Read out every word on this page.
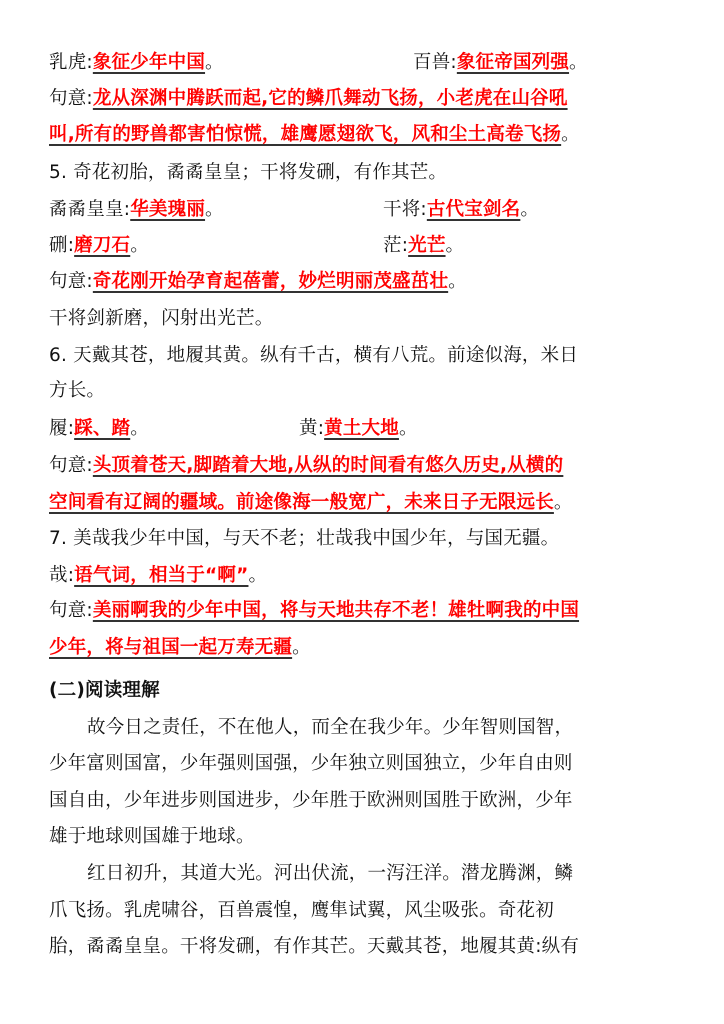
乳虎:象征少年中国。	百兽:象征帝国列强。
句意:龙从深渊中腾跃而起,它的鳞爪舞动飞扬，小老虎在山谷吼
叫,所有的野兽都害怕惊慌，雄鹰愿翅欲飞，风和尘土高卷飞扬。
5. 奇花初胎，矞矞皇皇；干将发硎，有作其芒。
矞矞皇皇:华美瑰丽。	干将:古代宝剑名。
硎:磨刀石。	茫:光芒。
句意:奇花刚开始孕育起蓓蕾，妙烂明丽茂盛茁壮。
干将剑新磨，闪射出光芒。
6. 天戴其苍，地履其黄。纵有千古，横有八荒。前途似海，米日
方长。
履:踩、踏。	黄:黄土大地。
句意:头顶着苍天,脚踏着大地,从纵的时间看有悠久历史,从横的
空间看有辽阔的疆域。前途像海一般宽广，未来日子无限远长。
7. 美哉我少年中国，与天不老；壮哉我中国少年，与国无疆。
哉:语气词，相当于“啊”。
句意:美丽啊我的少年中国，将与天地共存不老！雄牡啊我的中国
少年，将与祖国一起万寿无疆。
(二)阅读理解
故今日之责任，不在他人，而全在我少年。少年智则国智，
少年富则国富，少年强则国强，少年独立则国独立，少年自由则
国自由，少年进步则国进步，少年胜于欧洲则国胜于欧洲，少年
雄于地球则国雄于地球。
红日初升，其道大光。河出伏流，一泻汪洋。潜龙腾渊，鳞
爪飞扬。乳虎啸谷，百兽震惶，鹰隼试翼，风尘吸张。奇花初
胎，矞矞皇皇。干将发硎，有作其芒。天戴其苍，地履其黄:纵有
